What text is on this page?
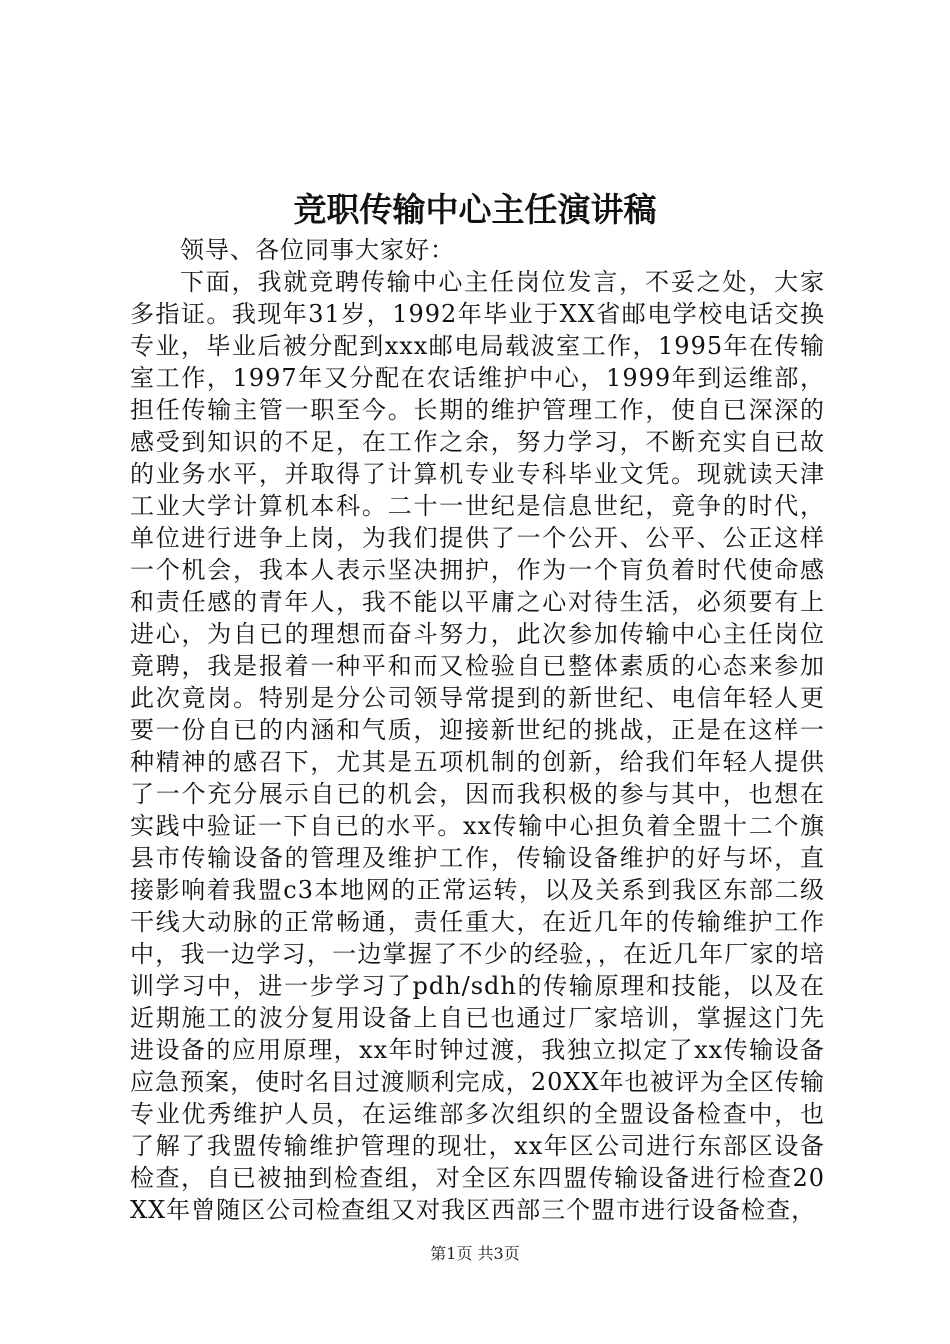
竞职传输中心主任演讲稿

领导、各位同事大家好：

下面，我就竞聘传输中心主任岗位发言，不妥之处，大家多指证。我现年31岁，1992年毕业于XX省邮电学校电话交换专业，毕业后被分配到xxx邮电局载波室工作，1995年在传输室工作，1997年又分配在农话维护中心，1999年到运维部，担任传输主管一职至今。长期的维护管理工作，使自已深深的感受到知识的不足，在工作之余，努力学习，不断充实自已故的业务水平，并取得了计算机专业专科毕业文凭。现就读天津工业大学计算机本科。二十一世纪是信息世纪，竟争的时代，单位进行进争上岗，为我们提供了一个公开、公平、公正这样一个机会，我本人表示坚决拥护，作为一个肓负着时代使命感和责任感的青年人，我不能以平庸之心对待生活，必须要有上进心，为自已的理想而奋斗努力，此次参加传输中心主任岗位竟聘，我是报着一种平和而又检验自已整体素质的心态来参加此次竟岗。特别是分公司领导常提到的新世纪、电信年轻人更要一份自已的内涵和气质，迎接新世纪的挑战，正是在这样一种精神的感召下，尤其是五项机制的创新，给我们年轻人提供了一个充分展示自已的机会，因而我积极的参与其中，也想在实践中验证一下自已的水平。xx传输中心担负着全盟十二个旗县市传输设备的管理及维护工作，传输设备维护的好与坏，直接影响着我盟c3本地网的正常运转，以及关系到我区东部二级干线大动脉的正常畅通，责任重大，在近几年的传输维护工作中，我一边学习，一边掌握了不少的经验，，在近几年厂家的培训学习中，进一步学习了pdh/sdh的传输原理和技能，以及在近期施工的波分复用设备上自已也通过厂家培训，掌握这门先进设备的应用原理，xx年时钟过渡，我独立拟定了xx传输设备应急预案，使时名目过渡顺利完成，20XX年也被评为全区传输专业优秀维护人员，在运维部多次组织的全盟设备检查中，也了解了我盟传输维护管理的现壮，xx年区公司进行东部区设备检查，自已被抽到检查组，对全区东四盟传输设备进行检查20XX年曾随区公司检查组又对我区西部三个盟市进行设备检查，

第1页 共3页
